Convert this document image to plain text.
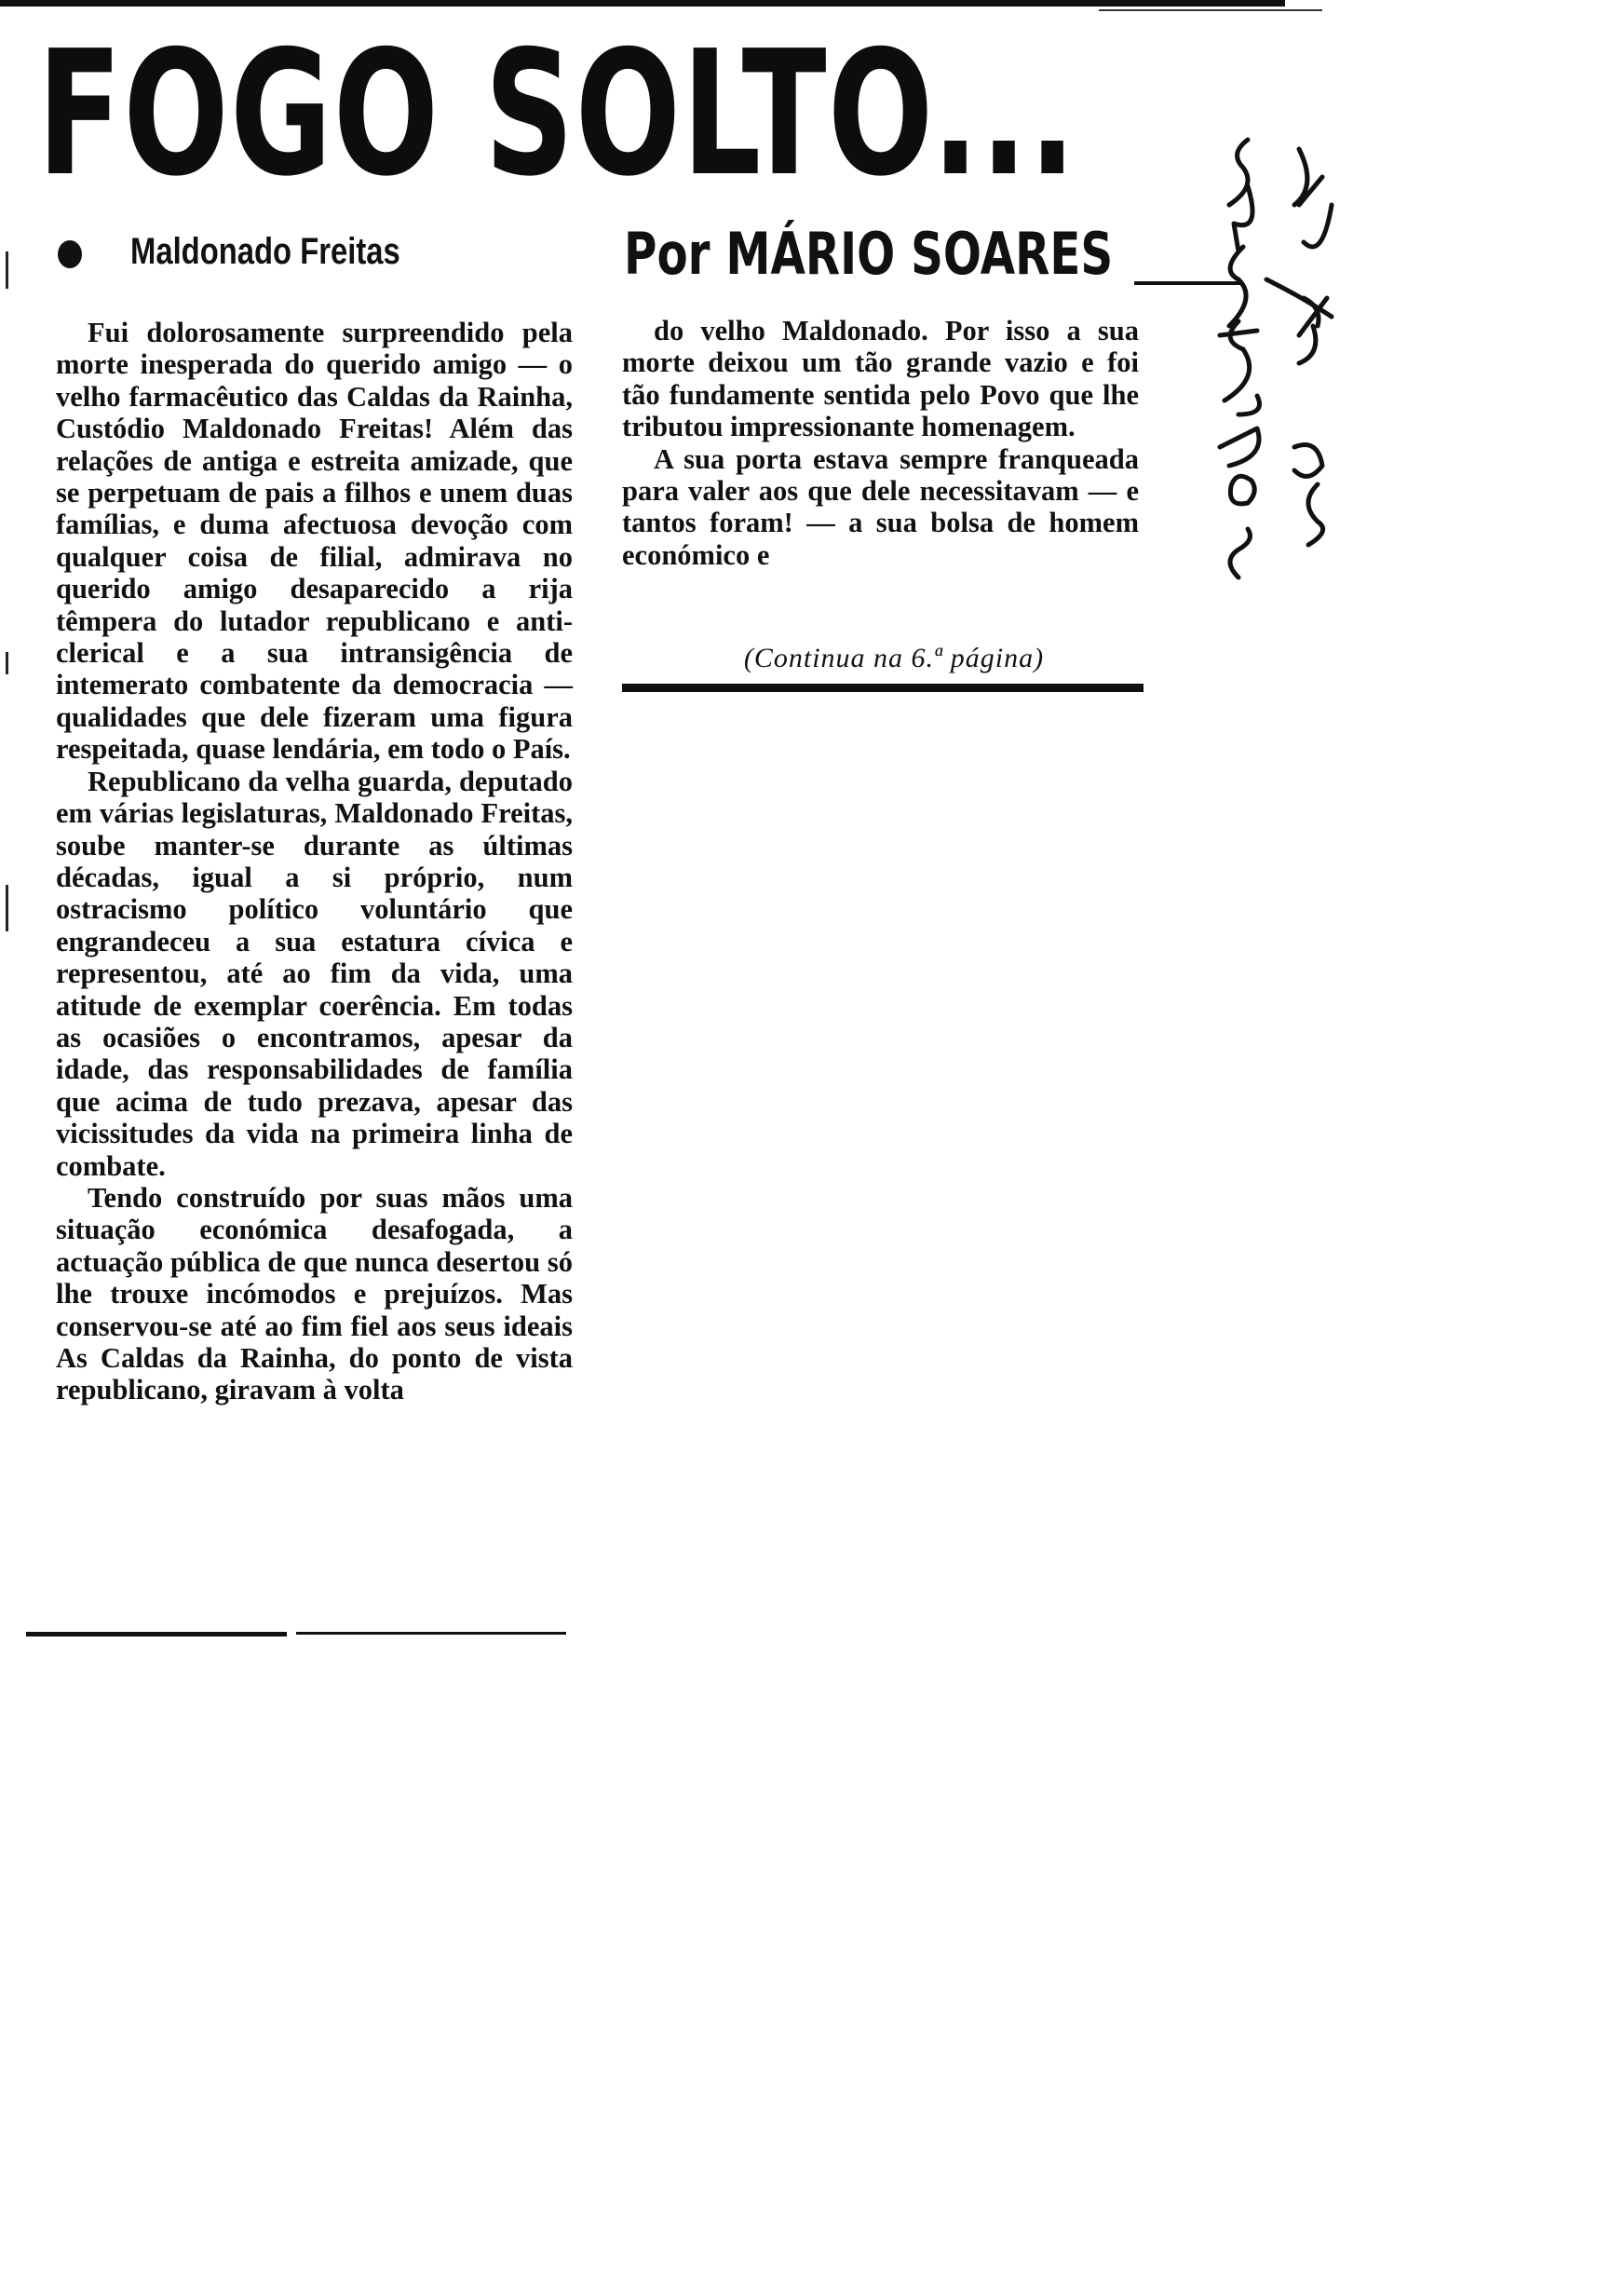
FOGO SOLTO...
Maldonado Freitas	Por MÁRIO SOARES

Fui dolorosamente surpreendido pela morte inesperada do querido amigo — o velho farmacêutico das Caldas da Rainha, Custódio Maldonado Freitas! Além das relações de antiga e estreita amizade, que se perpetuam de pais a filhos e unem duas famílias, e duma afectuosa devoção com qualquer coisa de filial, admirava no querido amigo desaparecido a rija têmpera do lutador republicano e anti-clerical e a sua intransigência de intemerato combatente da democracia — qualidades que dele fizeram uma figura respeitada, quase lendária, em todo o País.

Republicano da velha guarda, deputado em várias legislaturas, Maldonado Freitas, soube manter-se durante as últimas décadas, igual a si próprio, num ostracismo político voluntário que engrandeceu a sua estatura cívica e representou, até ao fim da vida, uma atitude de exemplar coerência. Em todas as ocasiões o encontramos, apesar da idade, das responsabilidades de família que acima de tudo prezava, apesar das vicissitudes da vida na primeira linha de combate.

Tendo construído por suas mãos uma situação económica desafogada, a actuação pública de que nunca desertou só lhe trouxe incómodos e prejuízos. Mas conservou-se até ao fim fiel aos seus ideais As Caldas da Rainha, do ponto de vista republicano, giravam à volta

do velho Maldonado. Por isso a sua morte deixou um tão grande vazio e foi tão fundamente sentida pelo Povo que lhe tributou impressionante homenagem.

A sua porta estava sempre franqueada para valer aos que dele necessitavam — e tantos foram! — a sua bolsa de homem económico e

(Continua na 6.ª página)
